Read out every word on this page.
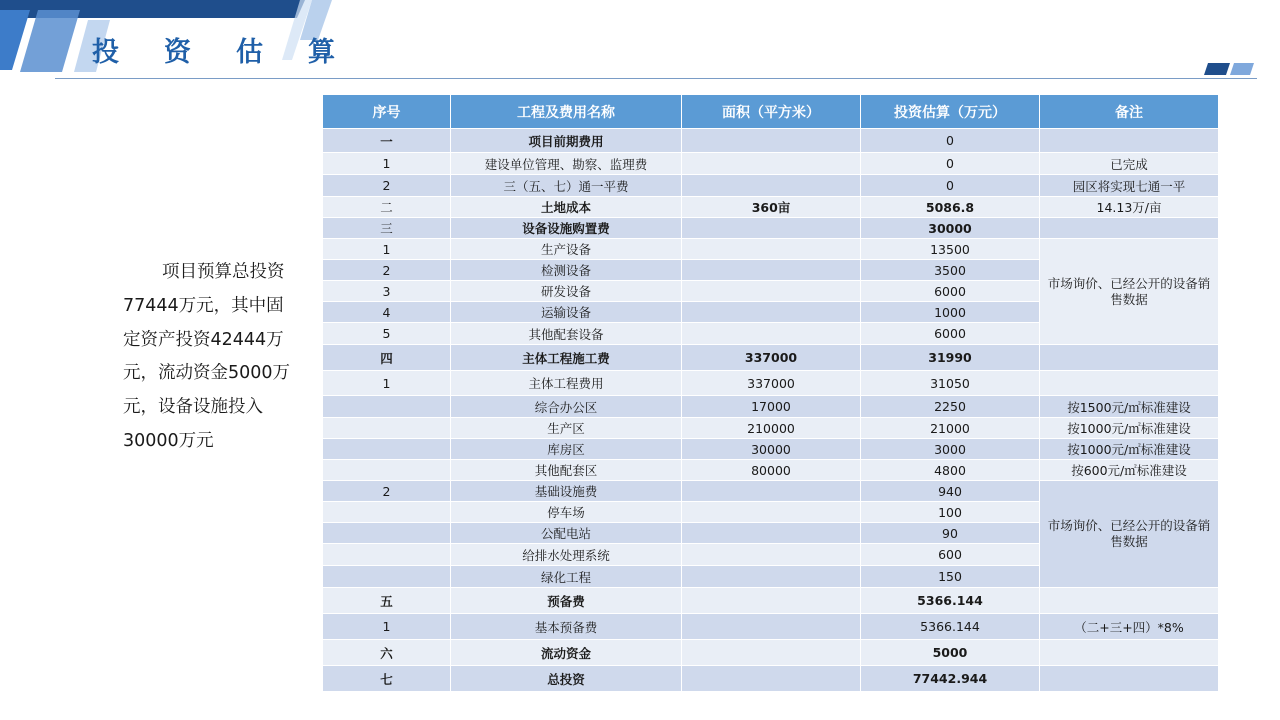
投	资	估	算
项目预算总投资77444万元，其中固定资产投资42444万元，流动资金5000万元，设备设施投入30000万元
序号	工程及费用名称	面积（平方米）	投资估算（万元）	备注
一	项目前期费用		0	
1	建设单位管理、勘察、监理费		0	已完成
2	三（五、七）通一平费		0	园区将实现七通一平
二	土地成本	360亩	5086.8	14.13万/亩
三	设备设施购置费		30000	
1	生产设备		13500	市场询价、已经公开的设备销售数据
2	检测设备		3500	
3	研发设备		6000	
4	运输设备		1000	
5	其他配套设备		6000	
四	主体工程施工费	337000	31990	
1	主体工程费用	337000	31050	
	综合办公区	17000	2250	按1500元/㎡标准建设
	生产区	210000	21000	按1000元/㎡标准建设
	库房区	30000	3000	按1000元/㎡标准建设
	其他配套区	80000	4800	按600元/㎡标准建设
2	基础设施费		940	市场询价、已经公开的设备销售数据
	停车场		100	
	公配电站		90	
	给排水处理系统		600	
	绿化工程		150	
五	预备费		5366.144	
1	基本预备费		5366.144	（二+三+四）*8%
六	流动资金		5000	
七	总投资		77442.944	
